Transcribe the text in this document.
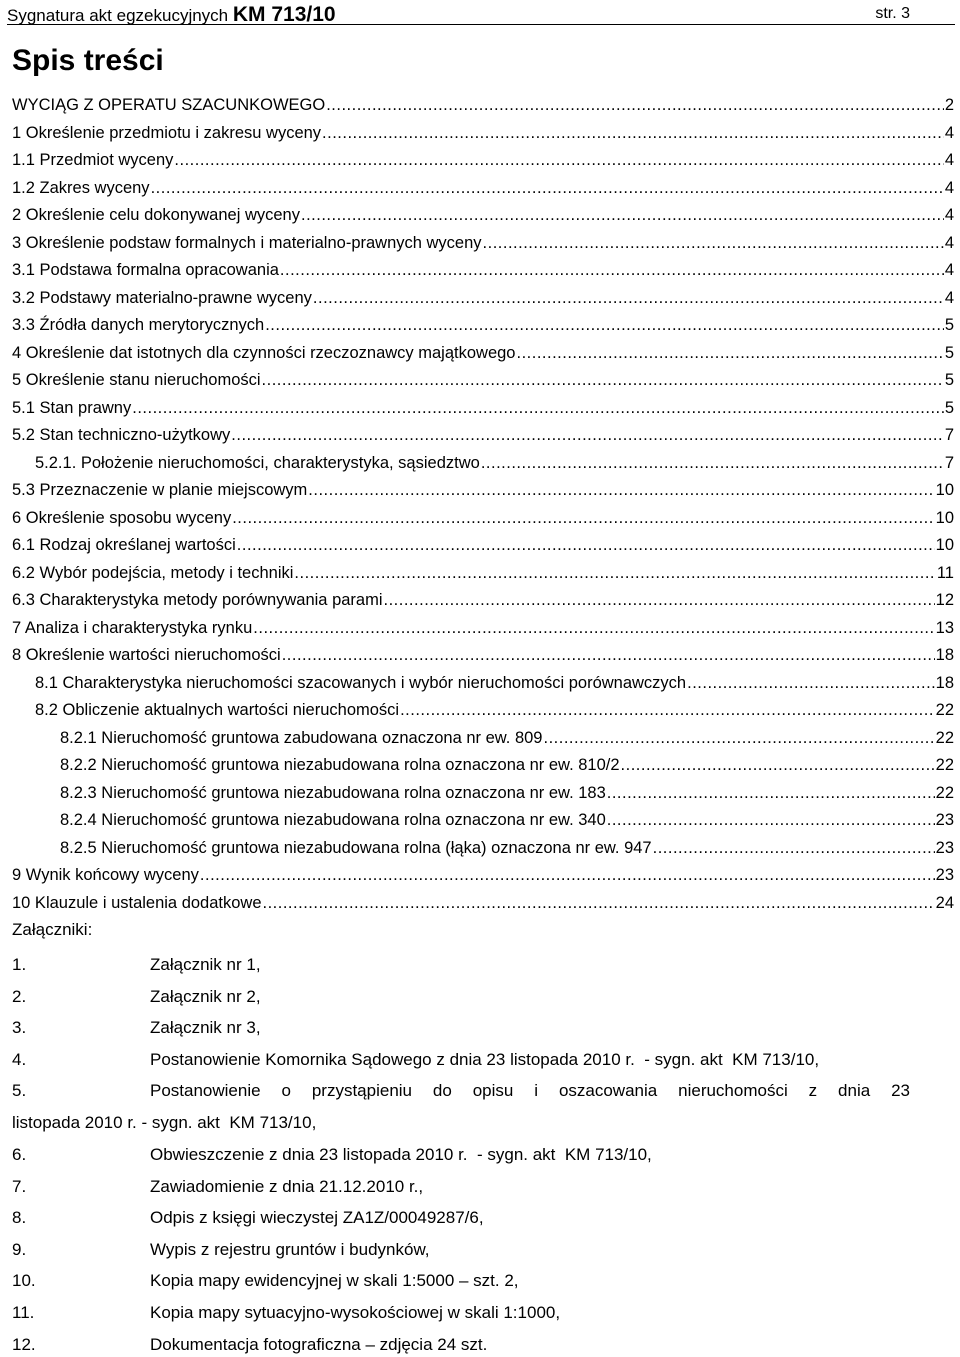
Sygnatura akt egzekucyjnych KM 713/10	str. 3
Spis treści
WYCIĄG Z OPERATU SZACUNKOWEGO .....	2
1 Określenie przedmiotu i zakresu wyceny .....	4
1.1 Przedmiot wyceny .....	4
1.2 Zakres wyceny .....	4
2 Określenie celu dokonywanej wyceny .....	4
3 Określenie podstaw formalnych i materialno-prawnych wyceny .....	4
3.1 Podstawa formalna opracowania .....	4
3.2 Podstawy materialno-prawne wyceny .....	4
3.3 Źródła danych merytorycznych .....	5
4 Określenie dat istotnych dla czynności rzeczoznawcy majątkowego .....	5
5 Określenie stanu nieruchomości .....	5
5.1 Stan prawny .....	5
5.2 Stan techniczno-użytkowy .....	7
5.2.1. Położenie nieruchomości, charakterystyka, sąsiedztwo .....	7
5.3 Przeznaczenie w planie miejscowym .....	10
6 Określenie sposobu wyceny .....	10
6.1 Rodzaj określanej wartości .....	10
6.2 Wybór podejścia, metody i techniki .....	11
6.3 Charakterystyka metody porównywania parami .....	12
7 Analiza i charakterystyka rynku .....	13
8 Określenie wartości nieruchomości .....	18
8.1 Charakterystyka nieruchomości szacowanych i wybór nieruchomości porównawczych .....	18
8.2 Obliczenie aktualnych wartości nieruchomości .....	22
8.2.1 Nieruchomość gruntowa zabudowana oznaczona nr ew. 809 .....	22
8.2.2 Nieruchomość gruntowa niezabudowana rolna oznaczona nr ew. 810/2 .....	22
8.2.3 Nieruchomość gruntowa niezabudowana rolna oznaczona nr ew. 183 .....	22
8.2.4 Nieruchomość gruntowa niezabudowana rolna oznaczona nr ew. 340 .....	23
8.2.5 Nieruchomość gruntowa niezabudowana rolna (łąka) oznaczona nr ew. 947 .....	23
9 Wynik końcowy wyceny .....	23
10 Klauzule i ustalenia dodatkowe .....	24
Załączniki:
1.	Załącznik nr 1,
2.	Załącznik nr 2,
3.	Załącznik nr 3,
4.	Postanowienie Komornika Sądowego z dnia 23 listopada 2010 r.  - sygn. akt  KM 713/10,
5.	Postanowienie o przystąpieniu do opisu i oszacowania nieruchomości z dnia 23
listopada 2010 r. - sygn. akt  KM 713/10,
6.	Obwieszczenie z dnia 23 listopada 2010 r.  - sygn. akt  KM 713/10,
7.	Zawiadomienie z dnia 21.12.2010 r.,
8.	Odpis z księgi wieczystej ZA1Z/00049287/6,
9.	Wypis z rejestru gruntów i budynków,
10.	Kopia mapy ewidencyjnej w skali 1:5000 – szt. 2,
11.	Kopia mapy sytuacyjno-wysokościowej w skali 1:1000,
12.	Dokumentacja fotograficzna – zdjęcia 24 szt.
